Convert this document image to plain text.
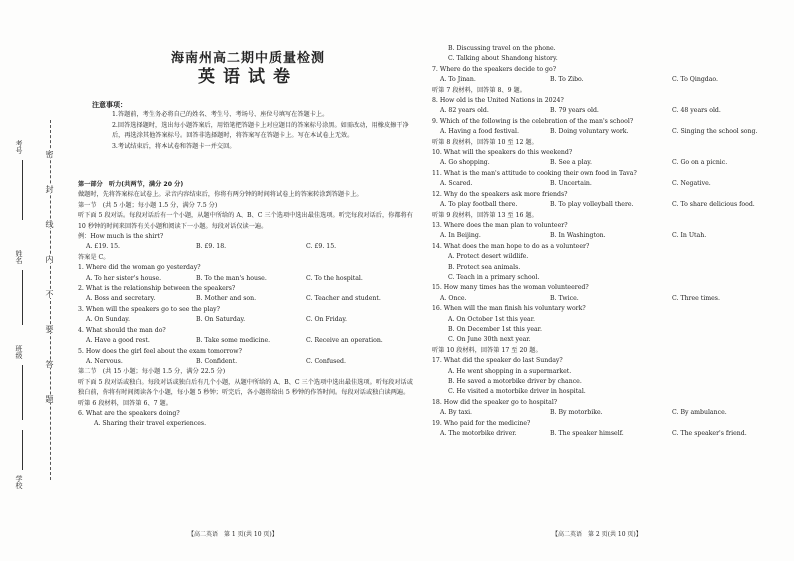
考号
姓名
班级
学校
密
封
线
内
不
要
答
题
海南州高二期中质量检测
英语试卷
注意事项：
1.答题前，考生务必将自己的姓名、考生号、考场号、座位号填写在答题卡上。
2.回答选择题时，选出每小题答案后，用铅笔把答题卡上对应题目的答案标号涂黑。如需改动，用橡皮擦干净后，再选涂其他答案标号。回答非选择题时，将答案写在答题卡上。写在本试卷上无效。
3.考试结束后，将本试卷和答题卡一并交回。
第一部分　听力(共两节，满分 20 分)
做题时，先将答案标在试卷上。录音内容结束后，你将有两分钟的时间将试卷上的答案转涂到答题卡上。
第一节　(共 5 小题；每小题 1.5 分，满分 7.5 分)
听下面 5 段对话。每段对话后有一个小题，从题中所给的 A、B、C 三个选项中选出最佳选项。听完每段对话后，你都将有 10 秒钟的时间来回答有关小题和阅读下一小题。每段对话仅读一遍。
例：How much is the shirt?
A. £19. 15.	B. £9. 18.	C. £9. 15.
答案是 C。
1. Where did the woman go yesterday?
A. To her sister's house.	B. To the man's house.	C. To the hospital.
2. What is the relationship between the speakers?
A. Boss and secretary.	B. Mother and son.	C. Teacher and student.
3. When will the speakers go to see the play?
A. On Sunday.	B. On Saturday.	C. On Friday.
4. What should the man do?
A. Have a good rest.	B. Take some medicine.	C. Receive an operation.
5. How does the girl feel about the exam tomorrow?
A. Nervous.	B. Confident.	C. Confused.
第二节　(共 15 小题；每小题 1.5 分，满分 22.5 分)
听下面 5 段对话或独白。每段对话或独白后有几个小题，从题中所给的 A、B、C 三个选项中选出最佳选项。听每段对话或独白前，你将有时间阅读各个小题，每小题 5 秒钟；听完后，各小题将给出 5 秒钟的作答时间。每段对话或独白读两遍。
听第 6 段材料，回答第 6、7 题。
6. What are the speakers doing?
A. Sharing their travel experiences.
【高二英语　第 1 页(共 10 页)】
B. Discussing travel on the phone.
C. Talking about Shandong history.
7. Where do the speakers decide to go?
A. To Jinan.	B. To Zibo.	C. To Qingdao.
听第 7 段材料，回答第 8、9 题。
8. How old is the United Nations in 2024?
A. 82 years old.	B. 79 years old.	C. 48 years old.
9. Which of the following is the celebration of the man's school?
A. Having a food festival.	B. Doing voluntary work.	C. Singing the school song.
听第 8 段材料，回答第 10 至 12 题。
10. What will the speakers do this weekend?
A. Go shopping.	B. See a play.	C. Go on a picnic.
11. What is the man's attitude to cooking their own food in Tava?
A. Scared.	B. Uncertain.	C. Negative.
12. Why do the speakers ask more friends?
A. To play football there.	B. To play volleyball there.	C. To share delicious food.
听第 9 段材料，回答第 13 至 16 题。
13. Where does the man plan to volunteer?
A. In Beijing.	B. In Washington.	C. In Utah.
14. What does the man hope to do as a volunteer?
A. Protect desert wildlife.
B. Protect sea animals.
C. Teach in a primary school.
15. How many times has the woman volunteered?
A. Once.	B. Twice.	C. Three times.
16. When will the man finish his voluntary work?
A. On October 1st this year.
B. On December 1st this year.
C. On June 30th next year.
听第 10 段材料，回答第 17 至 20 题。
17. What did the speaker do last Sunday?
A. He went shopping in a supermarket.
B. He saved a motorbike driver by chance.
C. He visited a motorbike driver in hospital.
18. How did the speaker go to hospital?
A. By taxi.	B. By motorbike.	C. By ambulance.
19. Who paid for the medicine?
A. The motorbike driver.	B. The speaker himself.	C. The speaker's friend.
【高二英语　第 2 页(共 10 页)】
